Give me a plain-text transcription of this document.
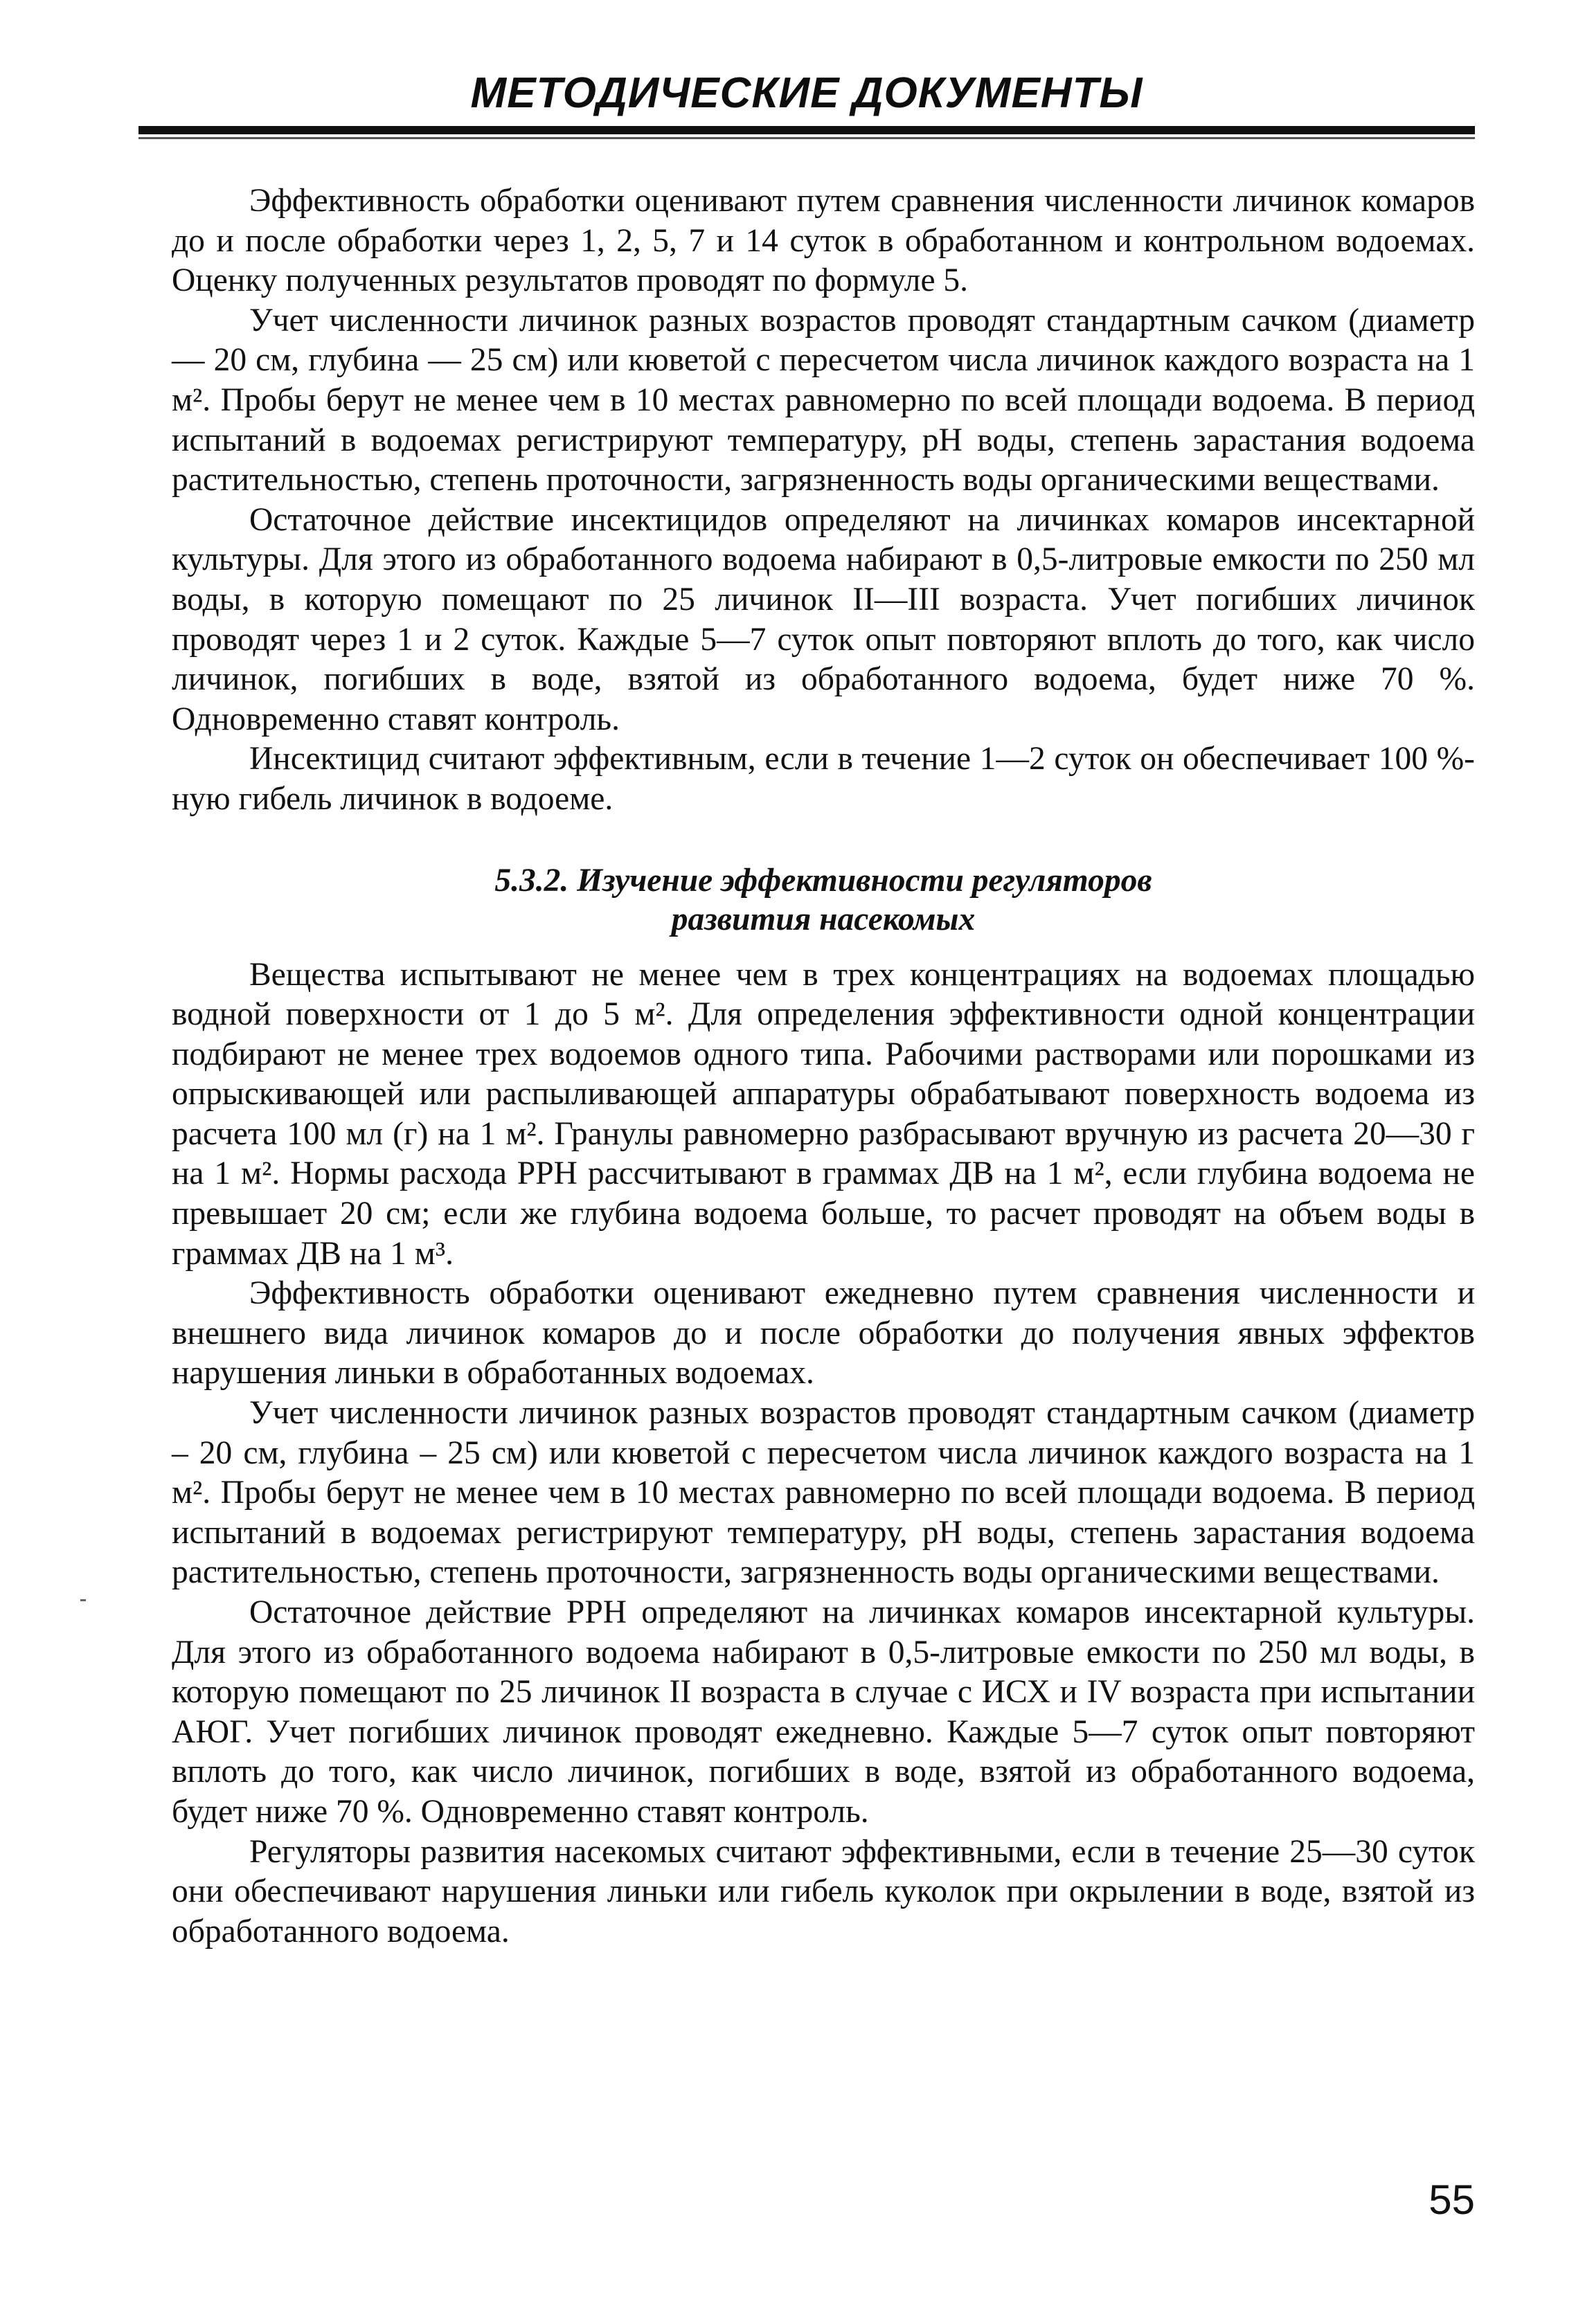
МЕТОДИЧЕСКИЕ ДОКУМЕНТЫ

Эффективность обработки оценивают путем сравнения численности личинок комаров до и после обработки через 1, 2, 5, 7 и 14 суток в обработанном и контрольном водоемах. Оценку полученных результатов проводят по формуле 5.

Учет численности личинок разных возрастов проводят стандартным сачком (диаметр — 20 см, глубина — 25 см) или кюветой с пересчетом числа личинок каждого возраста на 1 м². Пробы берут не менее чем в 10 местах равномерно по всей площади водоема. В период испытаний в водоемах регистрируют температуру, pH воды, степень зарастания водоема растительностью, степень проточности, загрязненность воды органическими веществами.

Остаточное действие инсектицидов определяют на личинках комаров инсектарной культуры. Для этого из обработанного водоема набирают в 0,5-литровые емкости по 250 мл воды, в которую помещают по 25 личинок II—III возраста. Учет погибших личинок проводят через 1 и 2 суток. Каждые 5—7 суток опыт повторяют вплоть до того, как число личинок, погибших в воде, взятой из обработанного водоема, будет ниже 70 %. Одновременно ставят контроль.

Инсектицид считают эффективным, если в течение 1—2 суток он обеспечивает 100 %-ную гибель личинок в водоеме.

5.3.2. Изучение эффективности регуляторов
развития насекомых

Вещества испытывают не менее чем в трех концентрациях на водоемах площадью водной поверхности от 1 до 5 м². Для определения эффективности одной концентрации подбирают не менее трех водоемов одного типа. Рабочими растворами или порошками из опрыскивающей или распыливающей аппаратуры обрабатывают поверхность водоема из расчета 100 мл (г) на 1 м². Гранулы равномерно разбрасывают вручную из расчета 20—30 г на 1 м². Нормы расхода РРН рассчитывают в граммах ДВ на 1 м², если глубина водоема не превышает 20 см; если же глубина водоема больше, то расчет проводят на объем воды в граммах ДВ на 1 м³.

Эффективность обработки оценивают ежедневно путем сравнения численности и внешнего вида личинок комаров до и после обработки до получения явных эффектов нарушения линьки в обработанных водоемах.

Учет численности личинок разных возрастов проводят стандартным сачком (диаметр – 20 см, глубина – 25 см) или кюветой с пересчетом числа личинок каждого возраста на 1 м². Пробы берут не менее чем в 10 местах равномерно по всей площади водоема. В период испытаний в водоемах регистрируют температуру, pH воды, степень зарастания водоема растительностью, степень проточности, загрязненность воды органическими веществами.

Остаточное действие РРН определяют на личинках комаров инсектарной культуры. Для этого из обработанного водоема набирают в 0,5-литровые емкости по 250 мл воды, в которую помещают по 25 личинок II возраста в случае с ИСХ и IV возраста при испытании АЮГ. Учет погибших личинок проводят ежедневно. Каждые 5—7 суток опыт повторяют вплоть до того, как число личинок, погибших в воде, взятой из обработанного водоема, будет ниже 70 %. Одновременно ставят контроль.

Регуляторы развития насекомых считают эффективными, если в течение 25—30 суток они обеспечивают нарушения линьки или гибель куколок при окрылении в воде, взятой из обработанного водоема.

55
